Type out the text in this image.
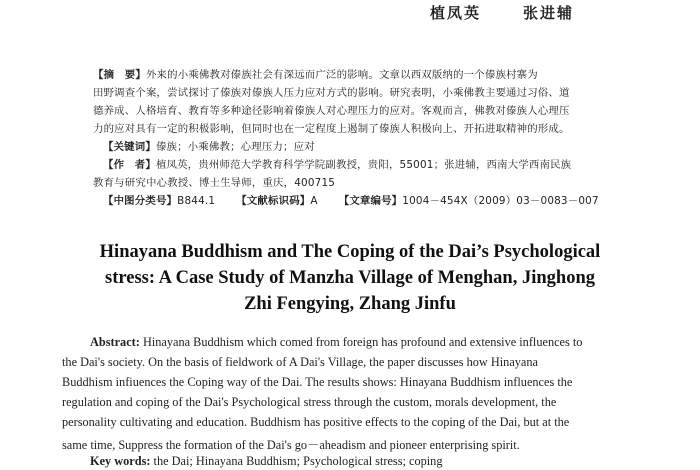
植凤英	张进辅
【摘　要】外来的小乘佛教对傣族社会有深远而广泛的影响。文章以西双版纳的一个傣族村寨为
田野调查个案，尝试探讨了傣族对傣族人压力应对方式的影响。研究表明，小乘佛教主要通过习俗、道
德养成、人格培育、教育等多种途径影响着傣族人对心理压力的应对。客观而言，佛教对傣族人心理压
力的应对具有一定的积极影响，但同时也在一定程度上遏制了傣族人积极向上、开拓进取精神的形成。
【关键词】傣族；小乘佛教；心理压力；应对
【作　者】植凤英，贵州师范大学教育科学学院副教授，贵阳，55001；张进辅，西南大学西南民族
教育与研究中心教授、博士生导师，重庆，400715
【中图分类号】B844.1 【文献标识码】A 【文章编号】1004－454X（2009）03－0083－007
Hinayana Buddhism and The Coping of the Dai’s Psychological
stress: A Case Study of Manzha Village of Menghan, Jinghong
Zhi Fengying, Zhang Jinfu
Abstract: Hinayana Buddhism which comed from foreign has profound and extensive influences to
the Dai's society. On the basis of fieldwork of A Dai's Village, the paper discusses how Hinayana
Buddhism infiuences the Coping way of the Dai. The results shows: Hinayana Buddhism influences the
regulation and coping of the Dai's Psychological stress through the custom, morals development, the
personality cultivating and education. Buddhism has positive effects to the coping of the Dai, but at the
same time, Suppress the formation of the Dai's go－aheadism and pioneer enterprising spirit.
Key words: the Dai; Hinayana Buddhism; Psychological stress; coping
